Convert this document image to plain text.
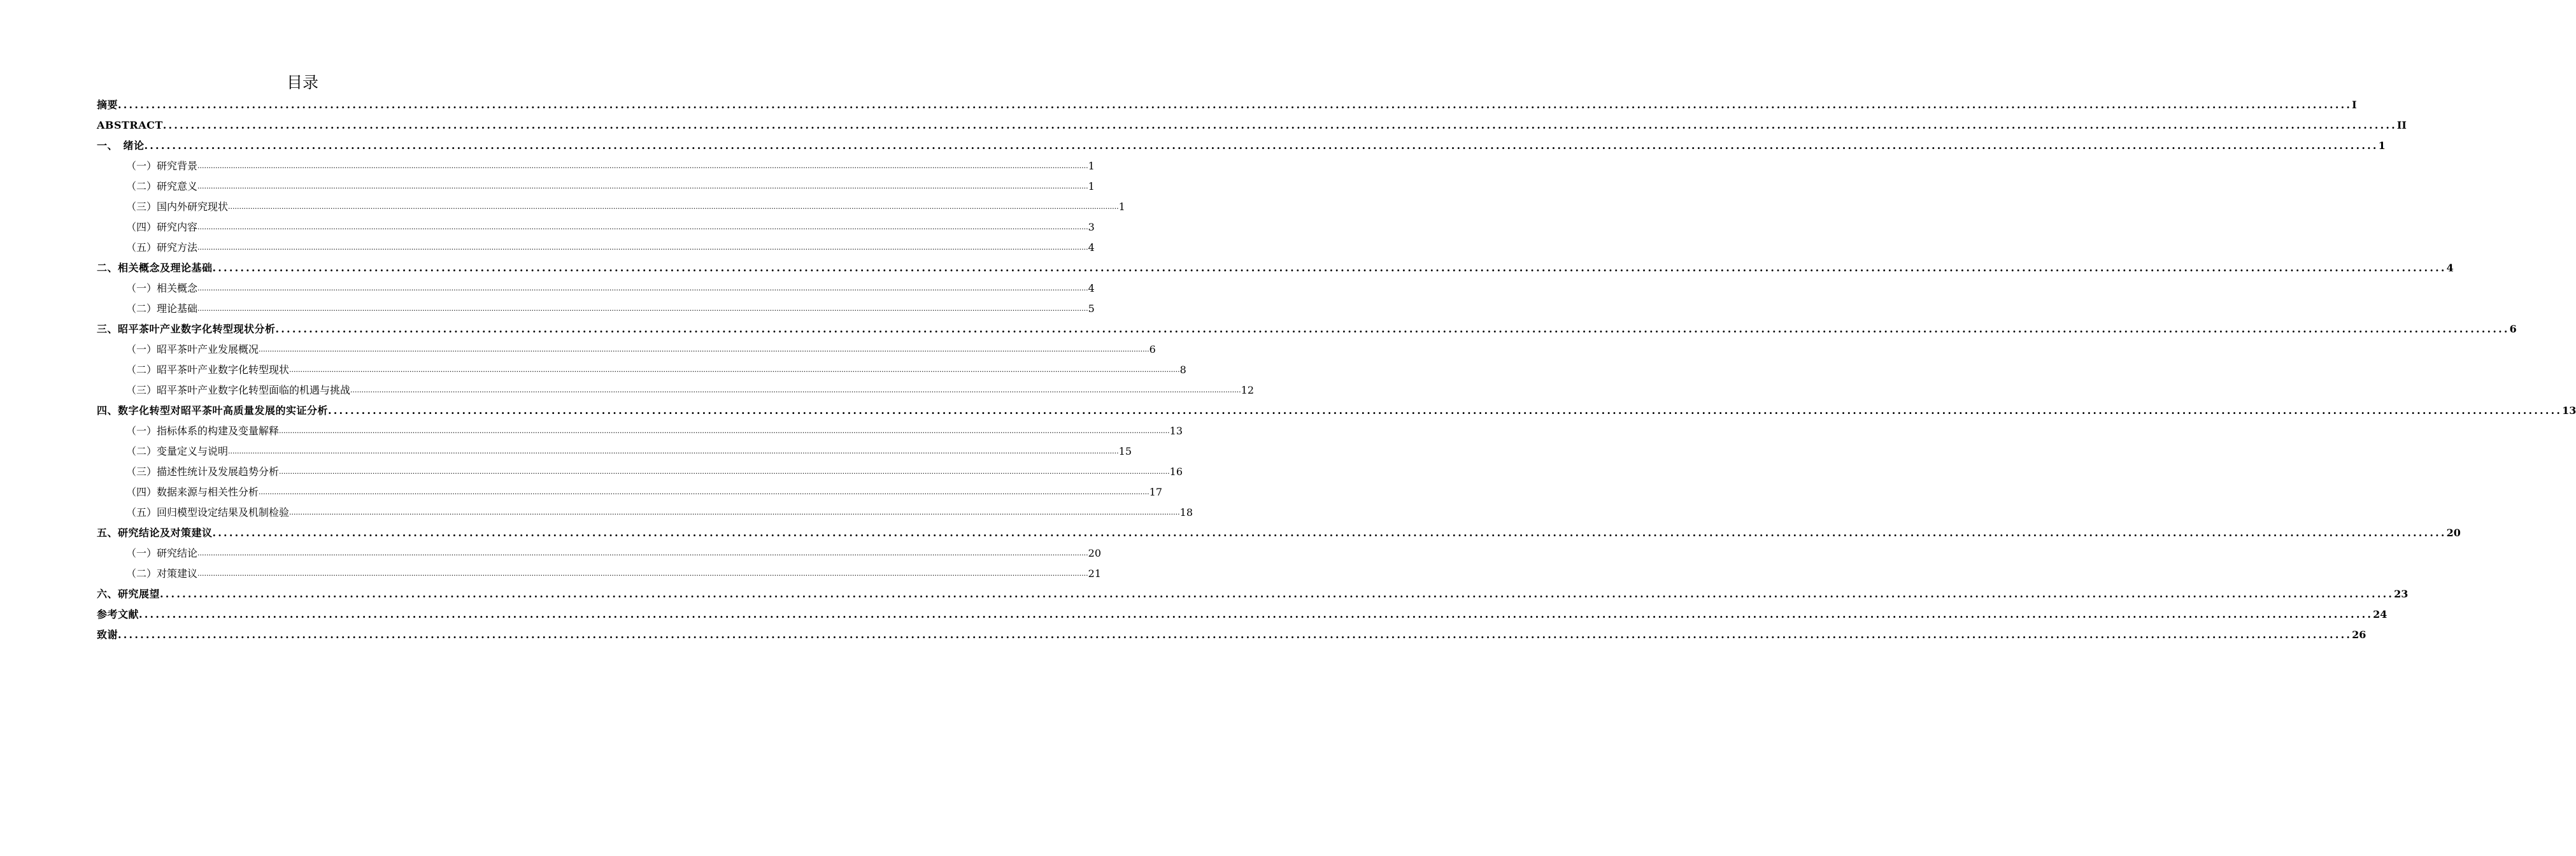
目录
摘要 ................................................................................................................................................................................................................................................................................................................................................................................................................ I
ABSTRACT ................................................................................................................................................................................................................................................................................................................................................................................................................ II
一、　绪论 ................................................................................................................................................................................................................................................................................................................................................................................................................ 1
（一）研究背景 ................................................................................................................................................................................................................................................................................................................................................................................................................ 1
（二）研究意义 ................................................................................................................................................................................................................................................................................................................................................................................................................ 1
（三）国内外研究现状 ................................................................................................................................................................................................................................................................................................................................................................................................................ 1
（四）研究内容 ................................................................................................................................................................................................................................................................................................................................................................................................................ 3
（五）研究方法 ................................................................................................................................................................................................................................................................................................................................................................................................................ 4
二、相关概念及理论基础 ................................................................................................................................................................................................................................................................................................................................................................................................................ 4
（一）相关概念 ................................................................................................................................................................................................................................................................................................................................................................................................................ 4
（二）理论基础 ................................................................................................................................................................................................................................................................................................................................................................................................................ 5
三、昭平茶叶产业数字化转型现状分析 ................................................................................................................................................................................................................................................................................................................................................................................................................ 6
（一）昭平茶叶产业发展概况 ................................................................................................................................................................................................................................................................................................................................................................................................................ 6
（二）昭平茶叶产业数字化转型现状 ................................................................................................................................................................................................................................................................................................................................................................................................................ 8
（三）昭平茶叶产业数字化转型面临的机遇与挑战 ................................................................................................................................................................................................................................................................................................................................................................................................................ 12
四、数字化转型对昭平茶叶高质量发展的实证分析 ................................................................................................................................................................................................................................................................................................................................................................................................................ 13
（一）指标体系的构建及变量解释 ................................................................................................................................................................................................................................................................................................................................................................................................................ 13
（二）变量定义与说明 ................................................................................................................................................................................................................................................................................................................................................................................................................ 15
（三）描述性统计及发展趋势分析 ................................................................................................................................................................................................................................................................................................................................................................................................................ 16
（四）数据来源与相关性分析 ................................................................................................................................................................................................................................................................................................................................................................................................................ 17
（五）回归模型设定结果及机制检验 ................................................................................................................................................................................................................................................................................................................................................................................................................ 18
五、研究结论及对策建议 ................................................................................................................................................................................................................................................................................................................................................................................................................ 20
（一）研究结论 ................................................................................................................................................................................................................................................................................................................................................................................................................ 20
（二）对策建议 ................................................................................................................................................................................................................................................................................................................................................................................................................ 21
六、研究展望 ................................................................................................................................................................................................................................................................................................................................................................................................................ 23
参考文献 ................................................................................................................................................................................................................................................................................................................................................................................................................ 24
致谢 ................................................................................................................................................................................................................................................................................................................................................................................................................ 26
